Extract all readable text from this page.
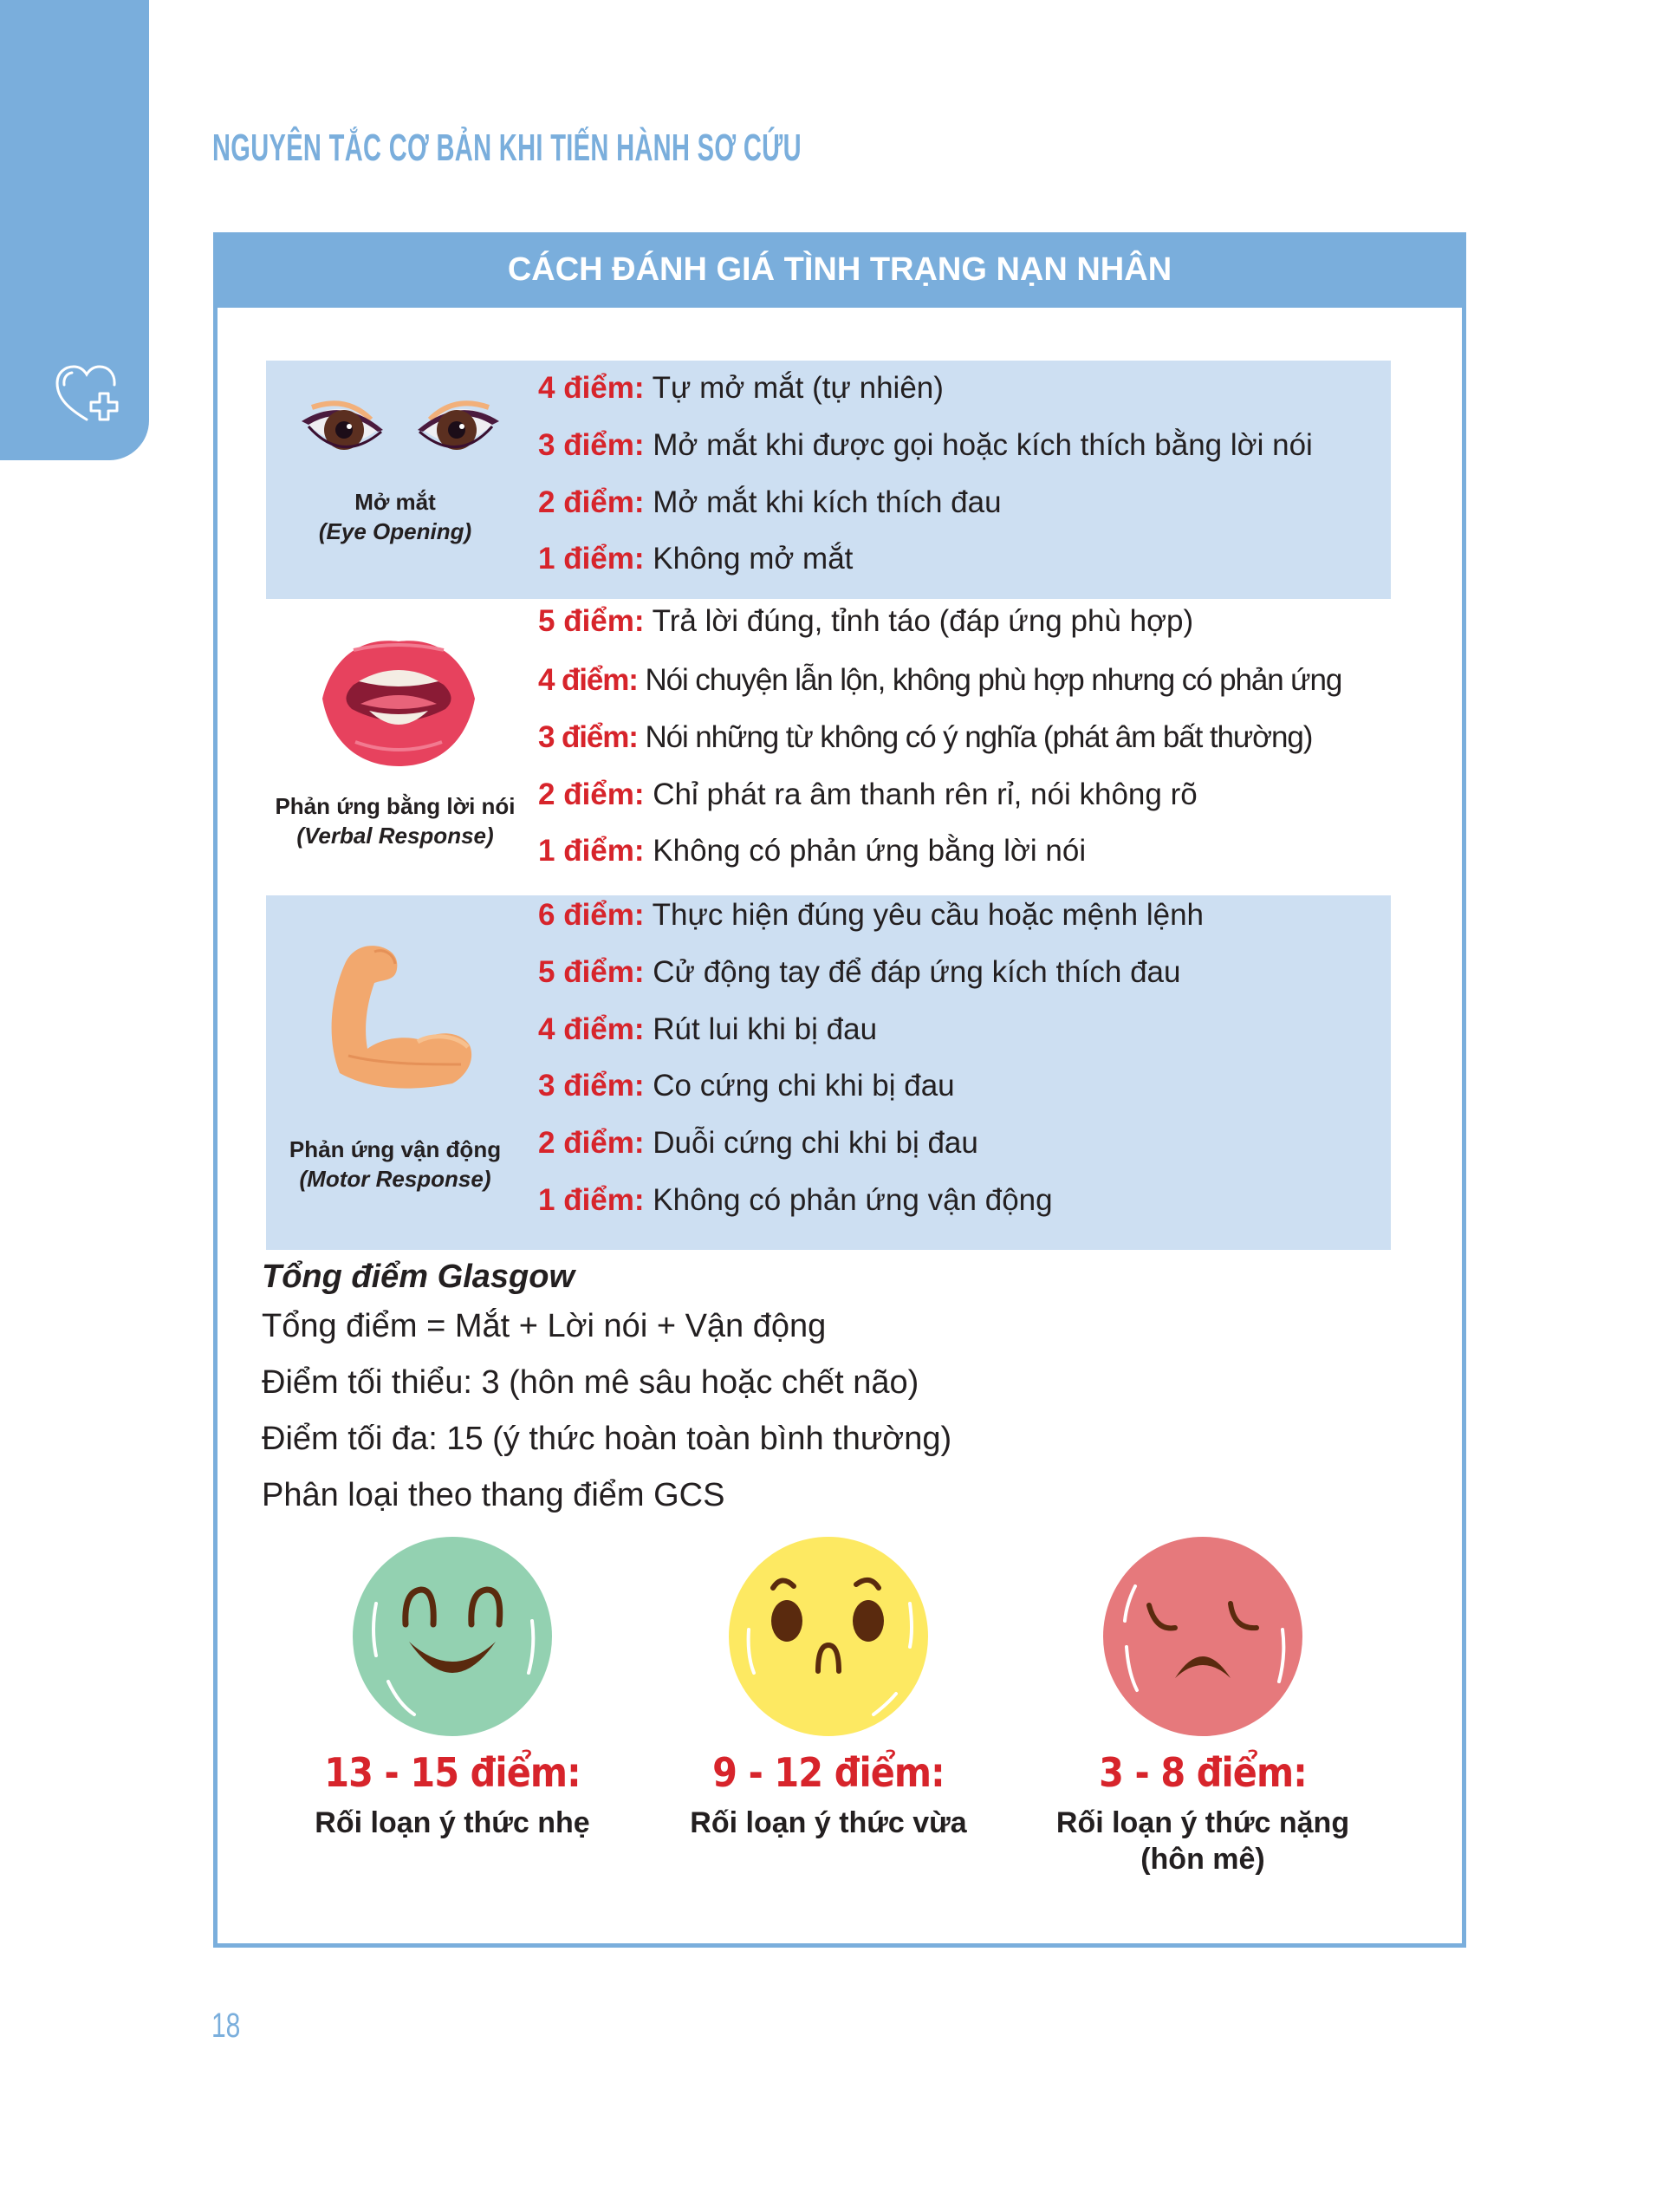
NGUYÊN TẮC CƠ BẢN KHI TIẾN HÀNH SƠ CỨU
CÁCH ĐÁNH GIÁ TÌNH TRẠNG NẠN NHÂN
Mở mắt
(Eye Opening)
Phản ứng bằng lời nói
(Verbal Response)
Phản ứng vận động
(Motor Response)
4 điểm: Tự mở mắt (tự nhiên)
3 điểm: Mở mắt khi được gọi hoặc kích thích bằng lời nói
2 điểm: Mở mắt khi kích thích đau
1 điểm: Không mở mắt
5 điểm: Trả lời đúng, tỉnh táo (đáp ứng phù hợp)
4 điểm: Nói chuyện lẫn lộn, không phù hợp nhưng có phản ứng
3 điểm: Nói những từ không có ý nghĩa (phát âm bất thường)
2 điểm: Chỉ phát ra âm thanh rên rỉ, nói không rõ
1 điểm: Không có phản ứng bằng lời nói
6 điểm: Thực hiện đúng yêu cầu hoặc mệnh lệnh
5 điểm: Cử động tay để đáp ứng kích thích đau
4 điểm: Rút lui khi bị đau
3 điểm: Co cứng chi khi bị đau
2 điểm: Duỗi cứng chi khi bị đau
1 điểm: Không có phản ứng vận động
Tổng điểm Glasgow
Tổng điểm = Mắt + Lời nói + Vận động
Điểm tối thiểu: 3 (hôn mê sâu hoặc chết não)
Điểm tối đa: 15 (ý thức hoàn toàn bình thường)
Phân loại theo thang điểm GCS
13 - 15 điểm:
Rối loạn ý thức nhẹ
9 - 12 điểm:
Rối loạn ý thức vừa
3 - 8 điểm:
Rối loạn ý thức nặng
(hôn mê)
18
